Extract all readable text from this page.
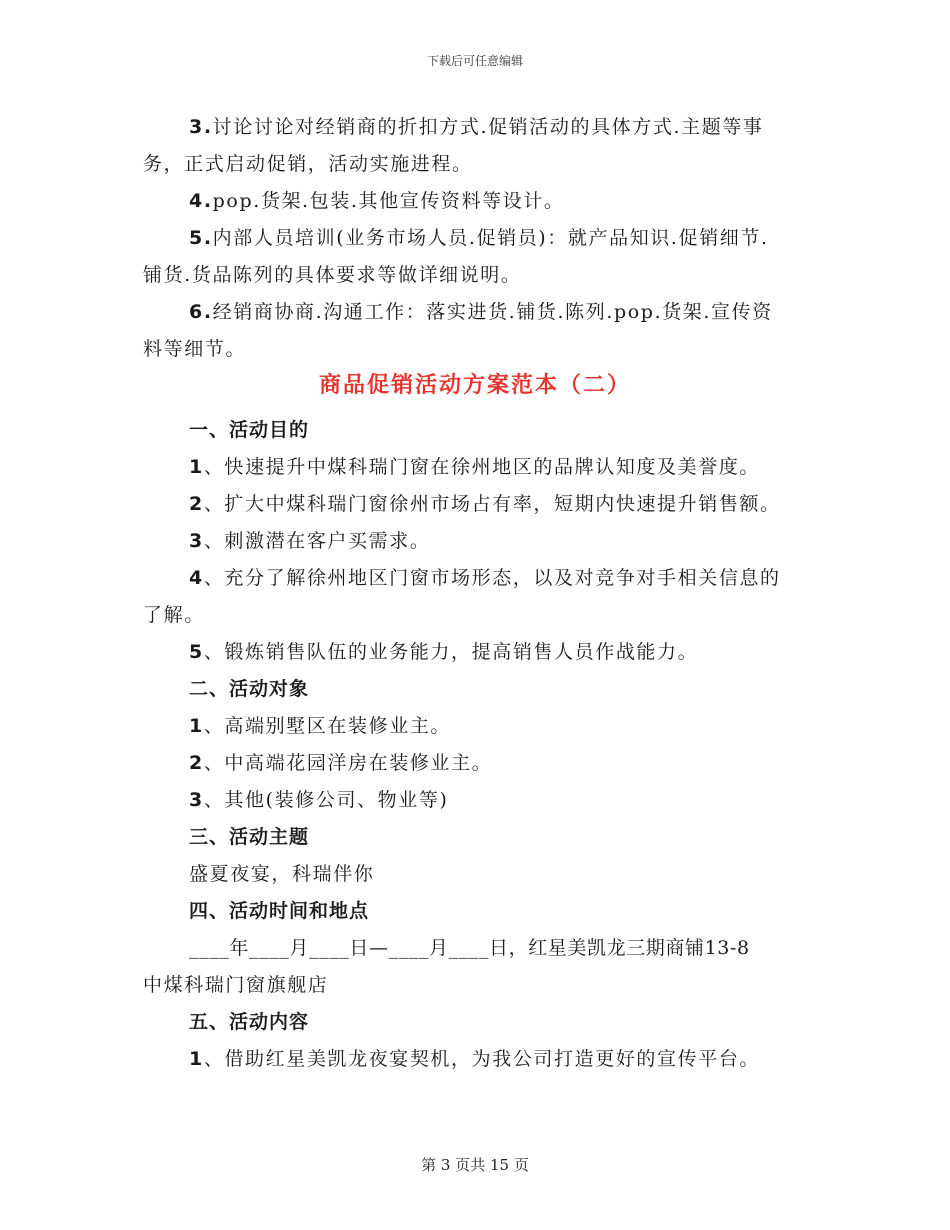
下载后可任意编辑
3.讨论讨论对经销商的折扣方式.促销活动的具体方式.主题等事
务，正式启动促销，活动实施进程。
4.pop.货架.包装.其他宣传资料等设计。
5.内部人员培训(业务市场人员.促销员)：就产品知识.促销细节.
铺货.货品陈列的具体要求等做详细说明。
6.经销商协商.沟通工作：落实进货.铺货.陈列.pop.货架.宣传资
料等细节。
商品促销活动方案范本（二）
一、活动目的
1、快速提升中煤科瑞门窗在徐州地区的品牌认知度及美誉度。
2、扩大中煤科瑞门窗徐州市场占有率，短期内快速提升销售额。
3、刺激潜在客户买需求。
4、充分了解徐州地区门窗市场形态，以及对竞争对手相关信息的
了解。
5、锻炼销售队伍的业务能力，提高销售人员作战能力。
二、活动对象
1、高端别墅区在装修业主。
2、中高端花园洋房在装修业主。
3、其他(装修公司、物业等)
三、活动主题
盛夏夜宴，科瑞伴你
四、活动时间和地点
____年____月____日—____月____日，红星美凯龙三期商铺13-8
中煤科瑞门窗旗舰店
五、活动内容
1、借助红星美凯龙夜宴契机，为我公司打造更好的宣传平台。
第 3 页共 15 页
